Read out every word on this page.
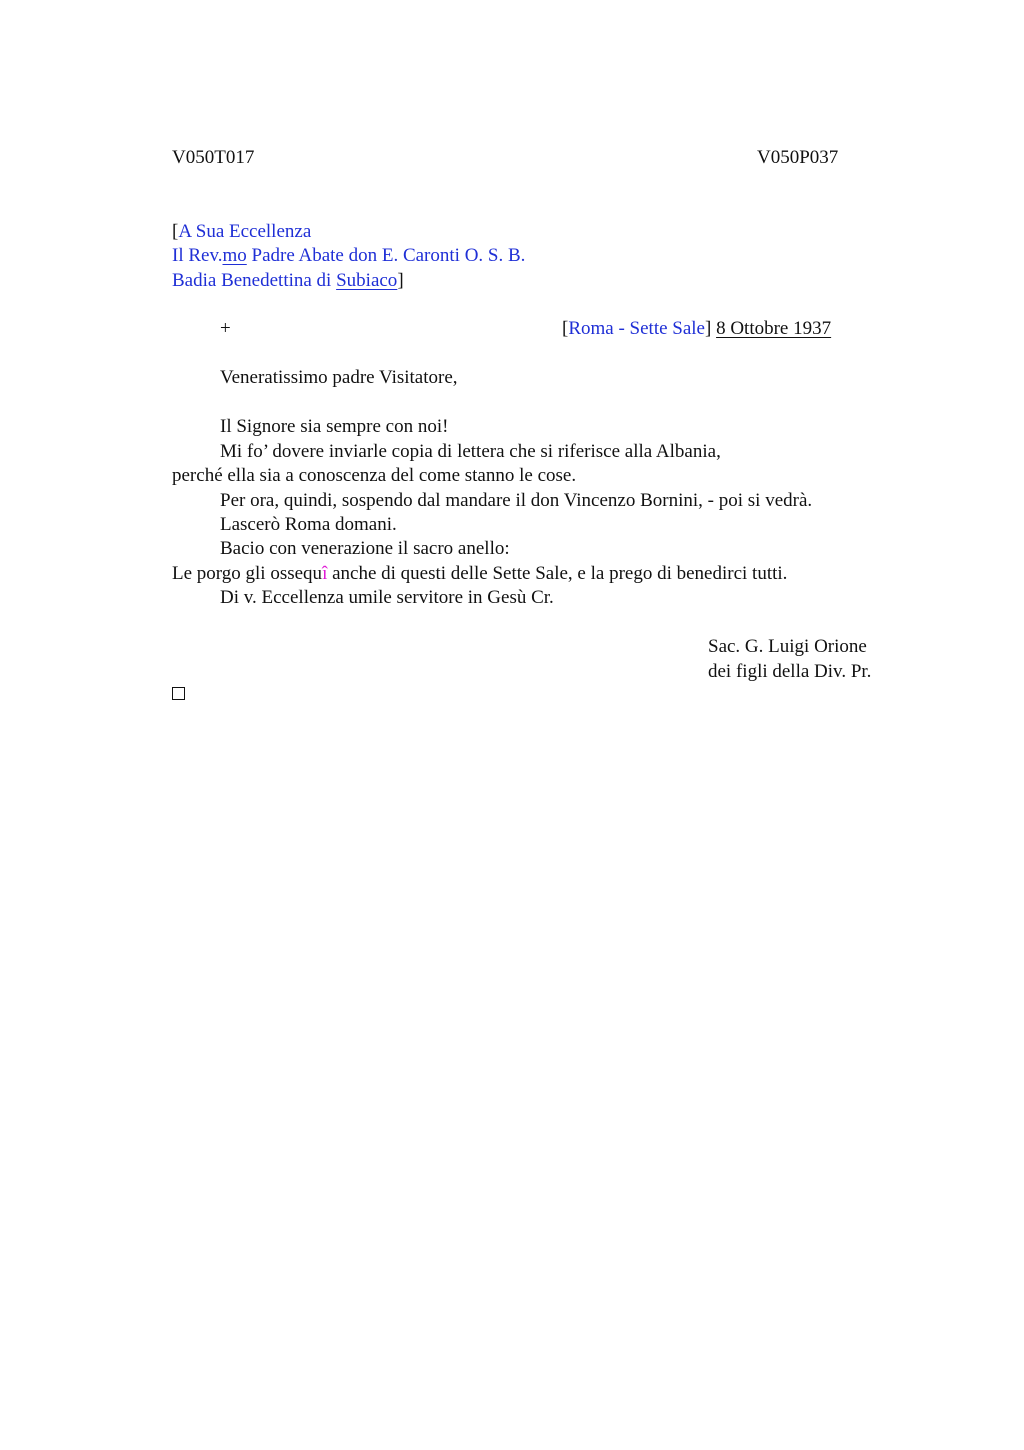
V050T017	V050P037
[A Sua Eccellenza
Il Rev.mo Padre Abate don E. Caronti O. S. B.
Badia Benedettina di Subiaco]
+	[Roma - Sette Sale] 8 Ottobre 1937
Veneratissimo padre Visitatore,
Il Signore sia sempre con noi!
Mi fo’ dovere inviarle copia di lettera che si riferisce alla Albania,
perché ella sia a conoscenza del come stanno le cose.
Per ora, quindi, sospendo dal mandare il don Vincenzo Bornini, - poi si vedrà.
Lascerò Roma domani.
Bacio con venerazione il sacro anello:
Le porgo gli ossequî anche di questi delle Sette Sale, e la prego di benedirci tutti.
Di v. Eccellenza umile servitore in Gesù Cr.
Sac. G. Luigi Orione
dei figli della Div. Pr.
